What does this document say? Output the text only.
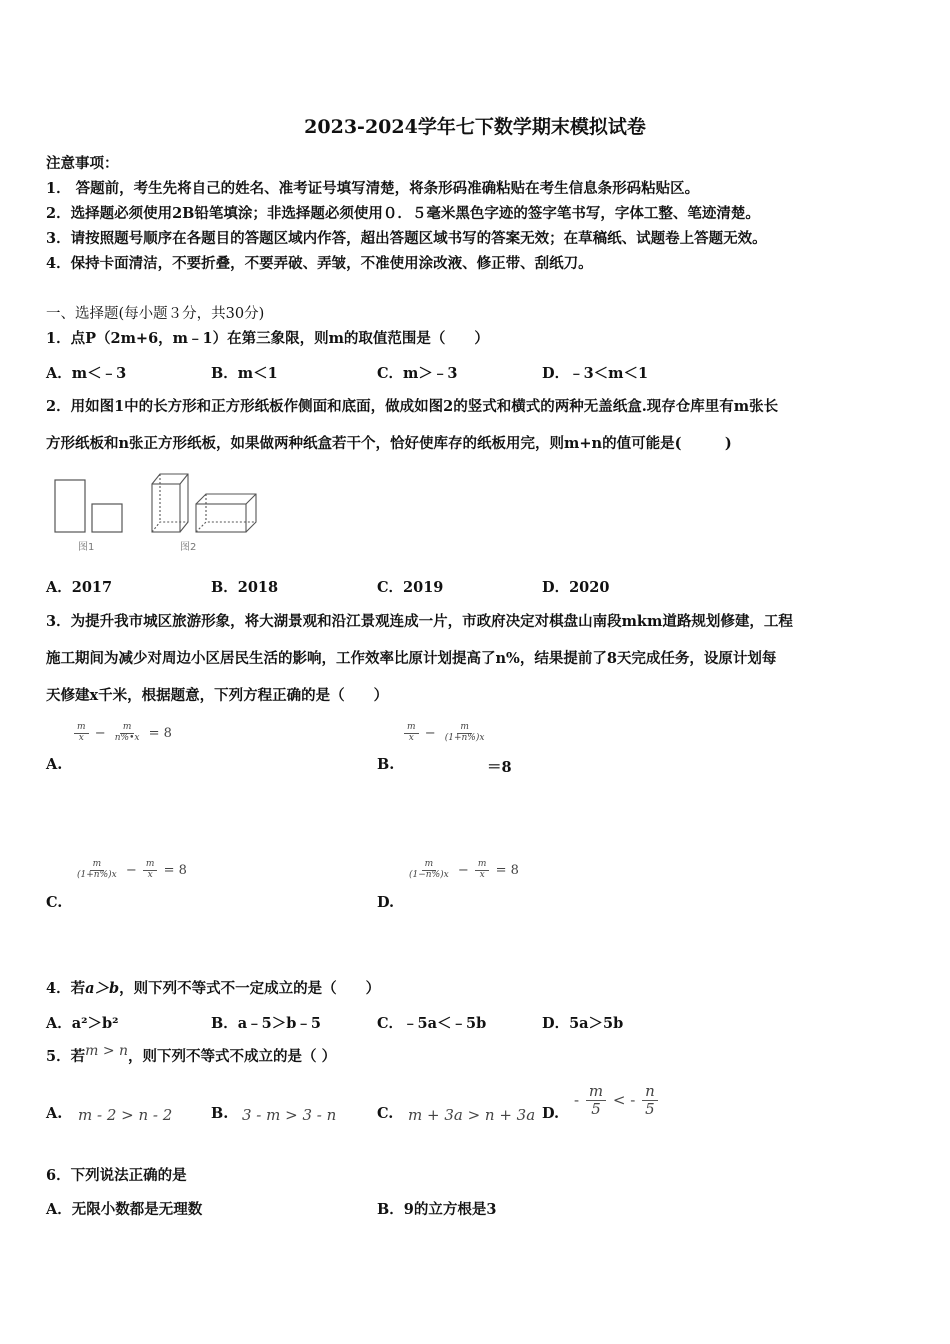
2023-2024学年七下数学期末模拟试卷
注意事项：
1． 答题前，考生先将自己的姓名、准考证号填写清楚，将条形码准确粘贴在考生信息条形码粘贴区。
2．选择题必须使用2B铅笔填涂；非选择题必须使用０．５毫米黑色字迹的签字笔书写，字体工整、笔迹清楚。
3．请按照题号顺序在各题目的答题区域内作答，超出答题区域书写的答案无效；在草稿纸、试题卷上答题无效。
4．保持卡面清洁，不要折叠，不要弄破、弄皱，不准使用涂改液、修正带、刮纸刀。
一、选择题(每小题３分，共30分)
1．点P（2m+6，m﹣1）在第三象限，则m的取值范围是（　　）
A．m＜﹣3	B．m＜1	C．m＞﹣3	D．﹣3＜m＜1
2．用如图1中的长方形和正方形纸板作侧面和底面，做成如图2的竖式和横式的两种无盖纸盒.现存仓库里有m张长
方形纸板和n张正方形纸板，如果做两种纸盒若干个，恰好使库存的纸板用完，则m+n的值可能是(　　　)
图1	图2
A．2017	B．2018	C．2019	D．2020
3．为提升我市城区旅游形象，将大湖景观和沿江景观连成一片，市政府决定对棋盘山南段mkm道路规划修建，工程
施工期间为减少对周边小区居民生活的影响，工作效率比原计划提高了n%，结果提前了8天完成任务，设原计划每
天修建x千米，根据题意，下列方程正确的是（　　）
$\frac{m}{x} - \frac{m}{n\%•x} = 8$
A.
$\frac{m}{x} - \frac{m}{(1+n\%)x}$
B.	＝8
$\frac{m}{(1+n\%)x} - \frac{m}{x} = 8$
C.
$\frac{m}{(1-n\%)x} - \frac{m}{x} = 8$
D.
4．若a＞b，则下列不等式不一定成立的是（　　）
A．a²＞b²	B．a﹣5＞b﹣5	C．﹣5a＜﹣5b	D．5a＞5b
5．若m > n，则下列不等式不成立的是（ ）
A. m - 2 > n - 2	B. 3 - m > 3 - n	C. m + 3a > n + 3a D.
- $\frac{m}{5}$ < - $\frac{n}{5}$
6．下列说法正确的是
A．无限小数都是无理数	B．9的立方根是3
